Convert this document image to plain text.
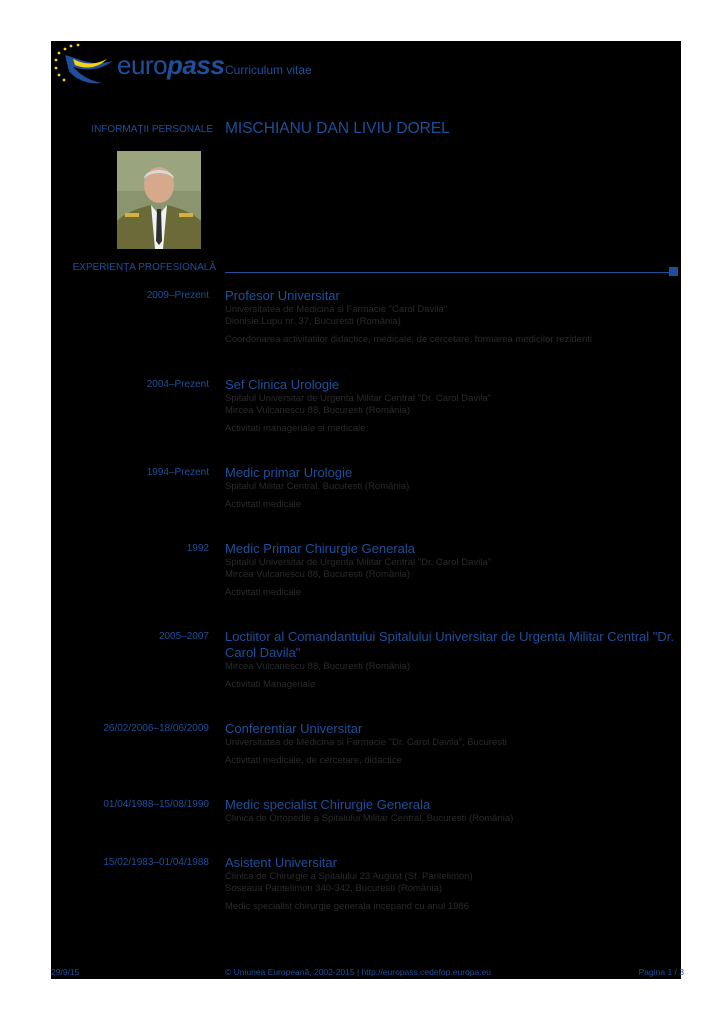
europass Curriculum vitae
INFORMAŢII PERSONALE MISCHIANU DAN LIVIU DOREL
EXPERIENŢA PROFESIONALĂ
2009–Prezent Profesor Universitar
Universitatea de Medicina si Farmacie "Carol Davila"
Dionisie Lupu nr. 37, Bucuresti (România)
Coordonarea activitatilor didactice, medicale, de cercetare, formarea medicilor rezidenti
2004–Prezent Sef Clinica Urologie
Spitalul Universitar de Urgenta Militar Central "Dr. Carol Davila"
Mircea Vulcanescu 88, Bucuresti (România)
Activitati manageriale si medicale
1994–Prezent Medic primar Urologie
Spitalul Militar Central, Bucuresti (România)
Activitati medicale
1992 Medic Primar Chirurgie Generala
Spitalul Universitar de Urgenta Militar Central "Dr. Carol Davila"
Mircea Vulcanescu 88, Bucuresti (România)
Activitati medicale
2005–2007 Loctiitor al Comandantului Spitalului Universitar de Urgenta Militar Central "Dr. Carol Davila"
Mircea Vulcanescu 88, Bucuresti (România)
Activitati Manageriale
26/02/2006–18/06/2009 Conferentiar Universitar
Universitatea de Medicina si Farmacie "Dr. Carol Davila", Bucuresti
Activitati medicale, de cercetare, didactice
01/04/1988–15/08/1990 Medic specialist Chirurgie Generala
Clinica de Ortopedie a Spitalului Militar Central, Bucuresti (România)
15/02/1983–01/04/1988 Asistent Universitar
Clinica de Chirurgie a Spitalului 23 August (Sf. Pantelimon)
Soseaua Pantelimon 340-342, Bucuresti (România)
Medic specialist chirurgie generala incepand cu anul 1986
29/9/15	© Uniunea Europeană, 2002-2015 | http://europass.cedefop.europa.eu	Pagina 1 / 3
